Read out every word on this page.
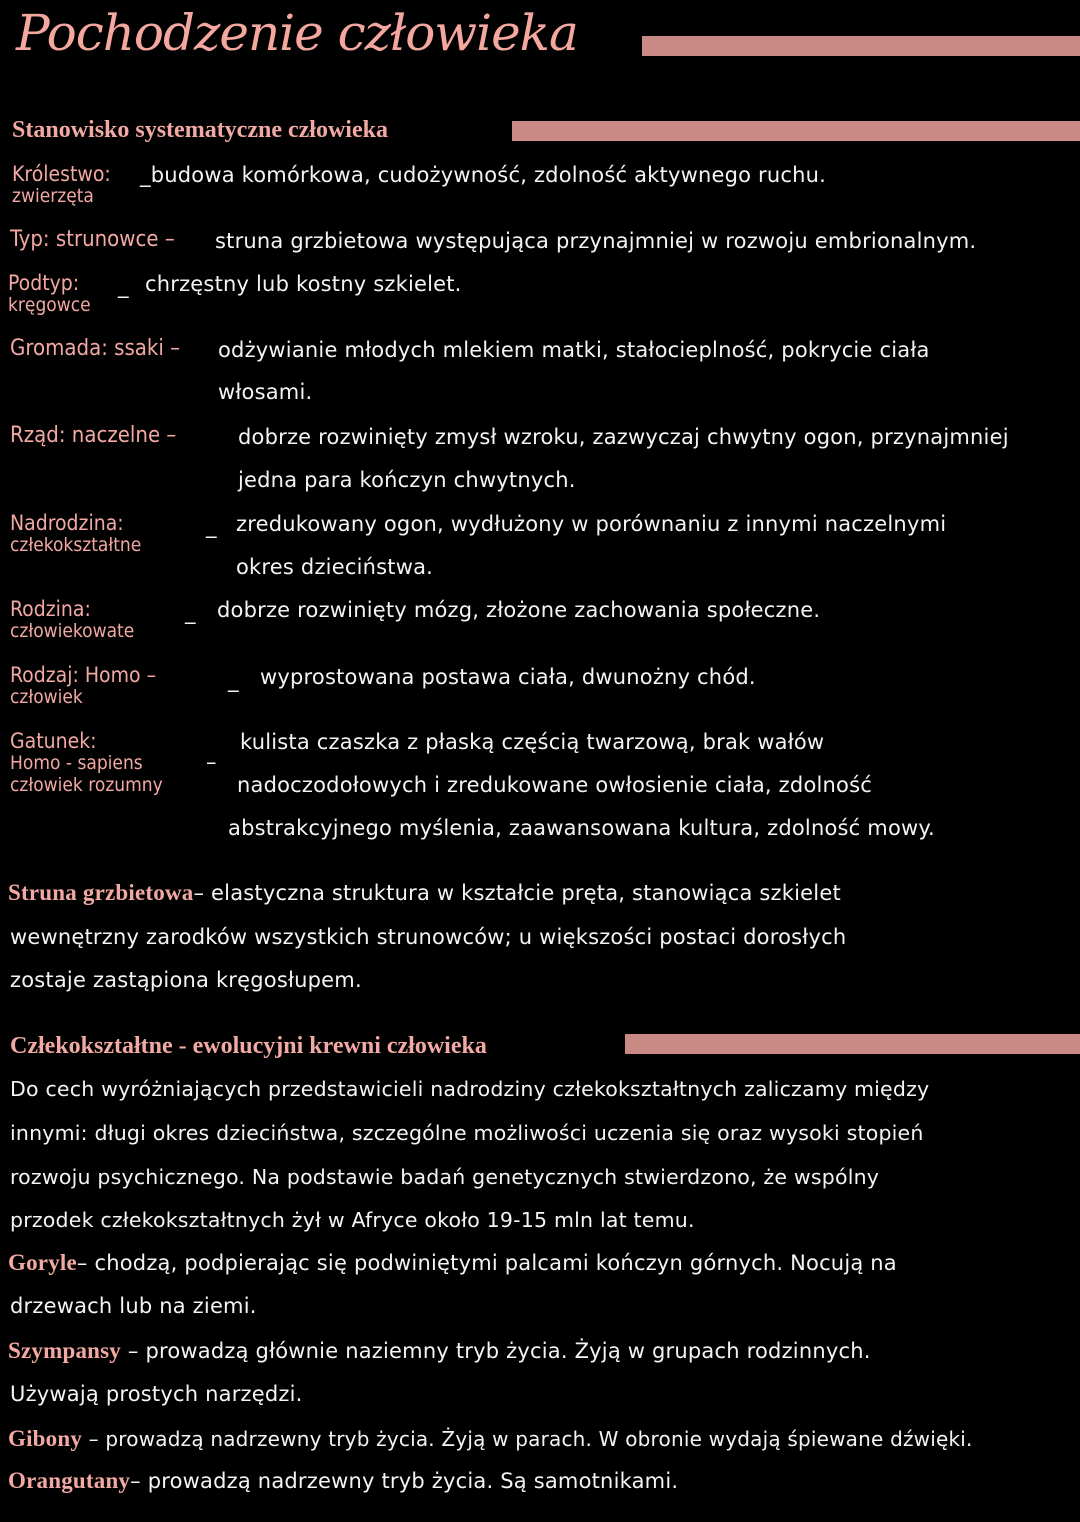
Pochodzenie człowieka
Stanowisko systematyczne człowieka
Królestwo:
zwierzęta
_budowa komórkowa, cudożywność, zdolność aktywnego ruchu.
Typ: strunowce – struna grzbietowa występująca przynajmniej w rozwoju embrionalnym.
Podtyp:
kręgowce
_ chrzęstny lub kostny szkielet.
Gromada: ssaki – odżywianie młodych mlekiem matki, stałocieplność, pokrycie ciała
włosami.
Rząd: naczelne –	dobrze rozwinięty zmysł wzroku, zazwyczaj chwytny ogon, przynajmniej
jedna para kończyn chwytnych.
Nadrodzina:
człekokształtne
_ zredukowany ogon, wydłużony w porównaniu z innymi naczelnymi
okres dzieciństwa.
Rodzina:
człowiekowate
_ dobrze rozwinięty mózg, złożone zachowania społeczne.
Rodzaj: Homo –
człowiek
_ wyprostowana postawa ciała, dwunożny chód.
Gatunek:
Homo - sapiens
człowiek rozumny
–
kulista czaszka z płaską częścią twarzową, brak wałów
nadoczodołowych i zredukowane owłosienie ciała, zdolność
abstrakcyjnego myślenia, zaawansowana kultura, zdolność mowy.
Struna grzbietowa– elastyczna struktura w kształcie pręta, stanowiąca szkielet
wewnętrzny zarodków wszystkich strunowców; u większości postaci dorosłych
zostaje zastąpiona kręgosłupem.
Człekokształtne - ewolucyjni krewni człowieka
Do cech wyróżniających przedstawicieli nadrodziny człekokształtnych zaliczamy między
innymi: długi okres dzieciństwa, szczególne możliwości uczenia się oraz wysoki stopień
rozwoju psychicznego. Na podstawie badań genetycznych stwierdzono, że wspólny
przodek człekokształtnych żył w Afryce około 19-15 mln lat temu.
Goryle– chodzą, podpierając się podwiniętymi palcami kończyn górnych. Nocują na
drzewach lub na ziemi.
Szympansy – prowadzą głównie naziemny tryb życia. Żyją w grupach rodzinnych.
Używają prostych narzędzi.
Gibony – prowadzą nadrzewny tryb życia. Żyją w parach. W obronie wydają śpiewane dźwięki.
Orangutany– prowadzą nadrzewny tryb życia. Są samotnikami.
